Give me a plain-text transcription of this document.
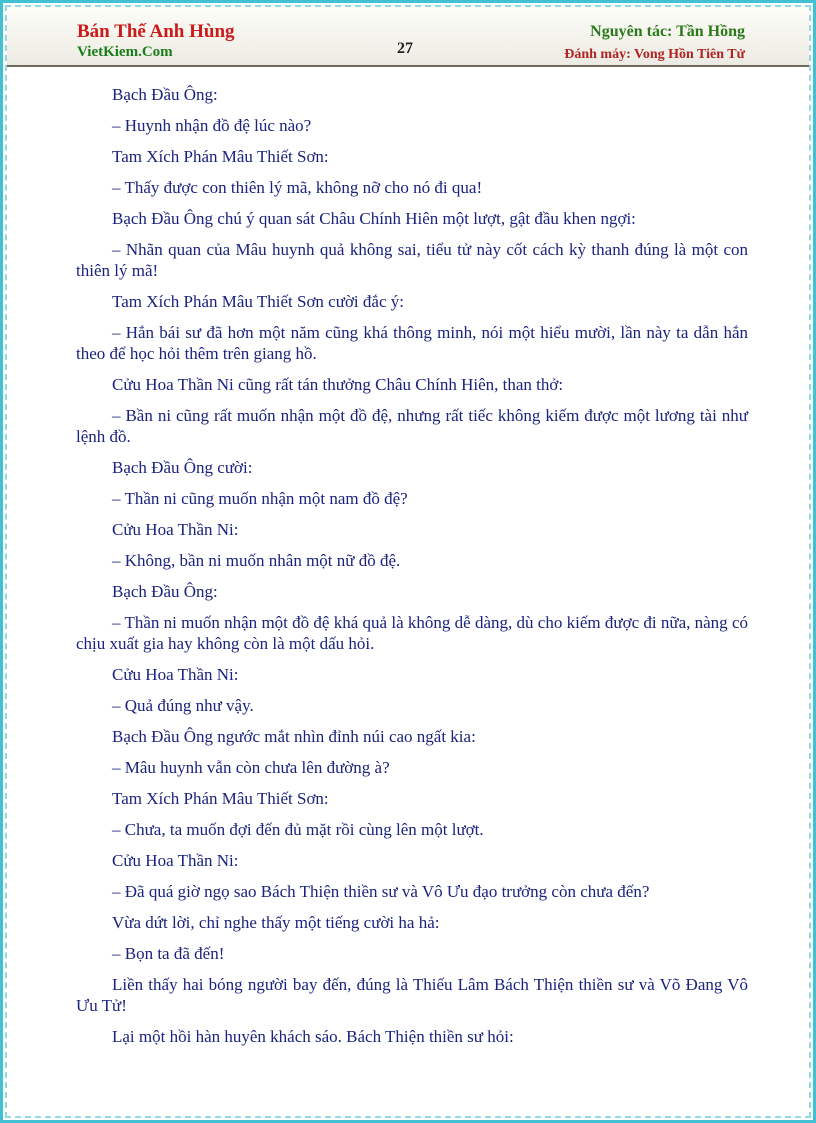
Bán Thế Anh Hùng
VietKiem.Com	27
Nguyên tác: Tần Hồng
Đánh máy: Vong Hồn Tiên Tử

Bạch Đầu Ông:

– Huynh nhận đồ đệ lúc nào?

Tam Xích Phán Mâu Thiết Sơn:

– Thấy được con thiên lý mã, không nỡ cho nó đi qua!

Bạch Đầu Ông chú ý quan sát Châu Chính Hiên một lượt, gật đầu khen ngợi:

– Nhãn quan của Mâu huynh quả không sai, tiểu tử này cốt cách kỳ thanh đúng là một con thiên lý mã!

Tam Xích Phán Mâu Thiết Sơn cười đắc ý:

– Hắn bái sư đã hơn một năm cũng khá thông minh, nói một hiểu mười, lần này ta dẫn hắn theo để học hỏi thêm trên giang hồ.

Cửu Hoa Thần Ni cũng rất tán thưởng Châu Chính Hiên, than thở:

– Bần ni cũng rất muốn nhận một đồ đệ, nhưng rất tiếc không kiếm được một lương tài như lệnh đồ.

Bạch Đầu Ông cười:

– Thần ni cũng muốn nhận một nam đồ đệ?

Cửu Hoa Thần Ni:

– Không, bần ni muốn nhân một nữ đồ đệ.

Bạch Đầu Ông:

– Thần ni muốn nhận một đồ đệ khá quả là không dễ dàng, dù cho kiếm được đi nữa, nàng có chịu xuất gia hay không còn là một dấu hỏi.

Cửu Hoa Thần Ni:

– Quả đúng như vậy.

Bạch Đầu Ông ngước mắt nhìn đỉnh núi cao ngất kia:

– Mâu huynh vẫn còn chưa lên đường à?

Tam Xích Phán Mâu Thiết Sơn:

– Chưa, ta muốn đợi đến đủ mặt rồi cùng lên một lượt.

Cửu Hoa Thần Ni:

– Đã quá giờ ngọ sao Bách Thiện thiền sư và Vô Ưu đạo trưởng còn chưa đến?

Vừa dứt lời, chỉ nghe thấy một tiếng cười ha hả:

– Bọn ta đã đến!

Liền thấy hai bóng người bay đến, đúng là Thiếu Lâm Bách Thiện thiền sư và Võ Đang Vô Ưu Tử!

Lại một hồi hàn huyên khách sáo. Bách Thiện thiền sư hỏi:
